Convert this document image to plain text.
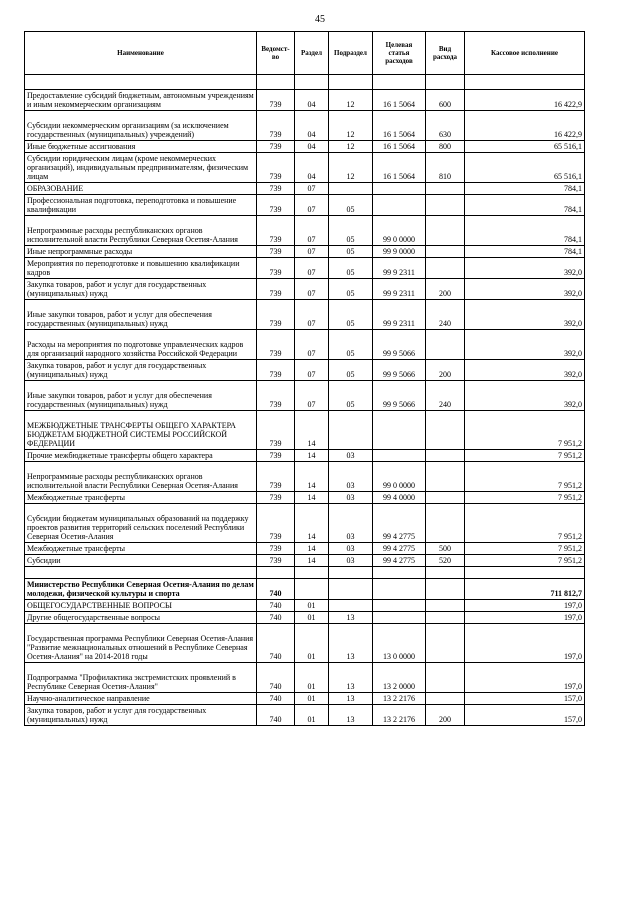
45
Наименование	Ведомст-во	Раздел	Подраздел	Целевая статья расходов	Вид расхода	Кассовое исполнение

Предоставление субсидий бюджетным, автономным учреждениям и иным некоммерческим организациям	739	04	12	16 1 5064	600	16 422,9
Субсидии некоммерческим организациям (за исключением государственных (муниципальных) учреждений)	739	04	12	16 1 5064	630	16 422,9
Иные бюджетные ассигнования	739	04	12	16 1 5064	800	65 516,1
Субсидии юридическим лицам (кроме некоммерческих организаций), индивидуальным предпринимателям, физическим лицам	739	04	12	16 1 5064	810	65 516,1
ОБРАЗОВАНИЕ	739	07				784,1
Профессиональная подготовка, переподготовка и повышение квалификации	739	07	05			784,1
Непрограммные расходы республиканских органов исполнительной власти Республики Северная Осетия-Алания	739	07	05	99 0 0000		784,1
Иные непрограммные расходы	739	07	05	99 9 0000		784,1
Мероприятия по переподготовке и повышению квалификации кадров	739	07	05	99 9 2311		392,0
Закупка товаров, работ и услуг для государственных (муниципальных) нужд	739	07	05	99 9 2311	200	392,0
Иные закупки товаров, работ и услуг для обеспечения государственных (муниципальных) нужд	739	07	05	99 9 2311	240	392,0
Расходы на мероприятия по подготовке управленческих кадров для организаций народного хозяйства Российской Федерации	739	07	05	99 9 5066		392,0
Закупка товаров, работ и услуг для государственных (муниципальных) нужд	739	07	05	99 9 5066	200	392,0
Иные закупки товаров, работ и услуг для обеспечения государственных (муниципальных) нужд	739	07	05	99 9 5066	240	392,0
МЕЖБЮДЖЕТНЫЕ ТРАНСФЕРТЫ ОБЩЕГО ХАРАКТЕРА БЮДЖЕТАМ БЮДЖЕТНОЙ СИСТЕМЫ РОССИЙСКОЙ ФЕДЕРАЦИИ	739	14				7 951,2
Прочие межбюджетные трансферты общего характера	739	14	03			7 951,2
Непрограммные расходы республиканских органов исполнительной власти Республики Северная Осетия-Алания	739	14	03	99 0 0000		7 951,2
Межбюджетные трансферты	739	14	03	99 4 0000		7 951,2
Субсидии бюджетам муниципальных образований на поддержку проектов развития территорий сельских поселений Республики Северная Осетия-Алания	739	14	03	99 4 2775		7 951,2
Межбюджетные трансферты	739	14	03	99 4 2775	500	7 951,2
Субсидии	739	14	03	99 4 2775	520	7 951,2

Министерство Республики Северная Осетия-Алания по делам молодежи, физической культуры и спорта	740					711 812,7
ОБЩЕГОСУДАРСТВЕННЫЕ ВОПРОСЫ	740	01				197,0
Другие общегосударственные вопросы	740	01	13			197,0
Государственная программа Республики Северная Осетия-Алания "Развитие межнациональных отношений в Республике Северная Осетия-Алания" на 2014-2018 годы	740	01	13	13 0 0000		197,0
Подпрограмма "Профилактика экстремистских проявлений в Республике Северная Осетия-Алания"	740	01	13	13 2 0000		197,0
Научно-аналитическое направление	740	01	13	13 2 2176		157,0
Закупка товаров, работ и услуг для государственных (муниципальных) нужд	740	01	13	13 2 2176	200	157,0
